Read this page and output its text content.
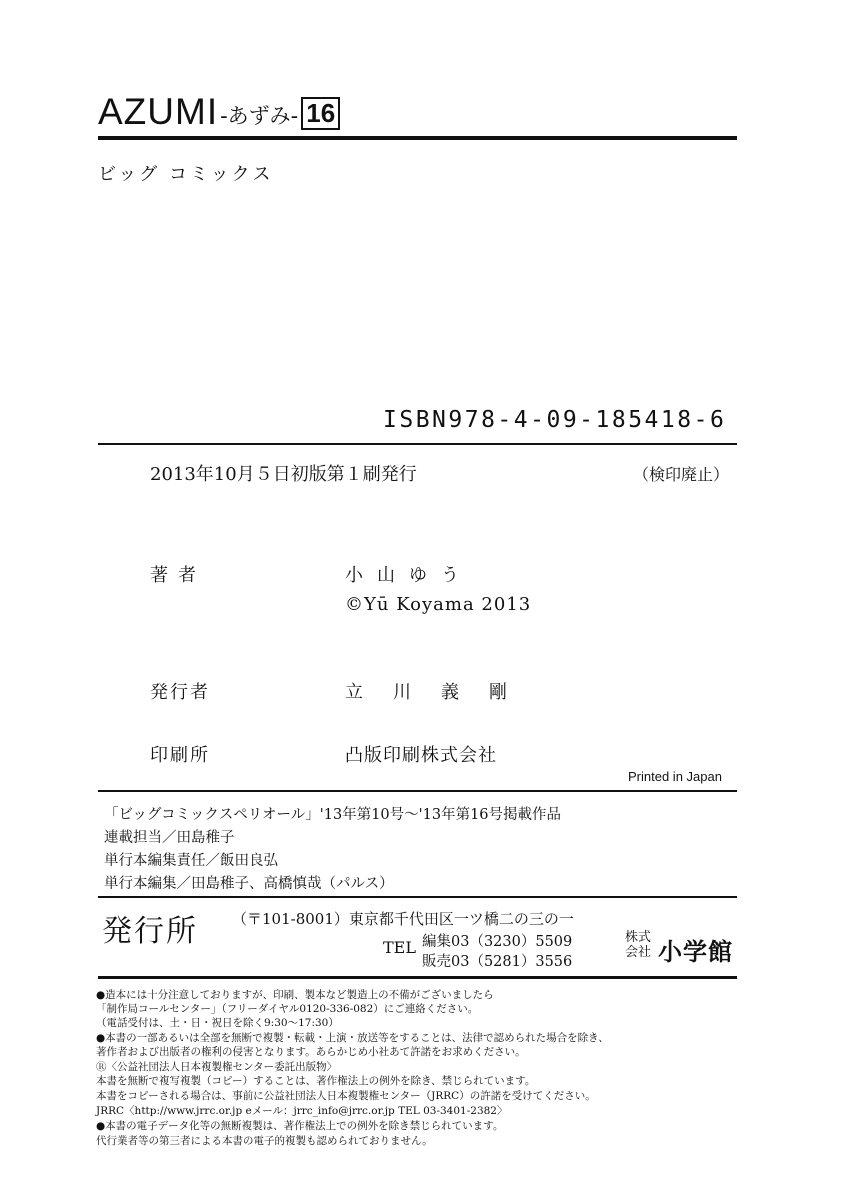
AZUMI -あずみ- 16
ビッグ コミックス
ISBN978-4-09-185418-6
2013年10月５日初版第１刷発行	（検印廃止）
著者	小山ゆう
©Yū Koyama 2013
発行者	立川義剛
印刷所	凸版印刷株式会社
Printed in Japan
「ビッグコミックスペリオール」'13年第10号〜'13年第16号掲載作品
連載担当／田島稚子
単行本編集責任／飯田良弘
単行本編集／田島稚子、高橋慎哉（パルス）
発行所 （〒101-8001）東京都千代田区一ツ橋二の三の一
TEL 編集03（3230）5509
販売03（5281）3556
株式
会社 小学館
●造本には十分注意しておりますが、印刷、製本など製造上の不備がございましたら
「制作局コールセンター」（フリーダイヤル0120-336-082）にご連絡ください。
（電話受付は、土・日・祝日を除く9:30〜17:30）
●本書の一部あるいは全部を無断で複製・転載・上演・放送等をすることは、法律で認められた場合を除き、
著作者および出版者の権利の侵害となります。あらかじめ小社あて許諾をお求めください。
Ⓡ〈公益社団法人日本複製権センター委託出版物〉
本書を無断で複写複製（コピー）することは、著作権法上の例外を除き、禁じられています。
本書をコピーされる場合は、事前に公益社団法人日本複製権センター（JRRC）の許諾を受けてください。
JRRC〈http://www.jrrc.or.jp eメール：jrrc_info@jrrc.or.jp TEL 03-3401-2382〉
●本書の電子データ化等の無断複製は、著作権法上での例外を除き禁じられています。
代行業者等の第三者による本書の電子的複製も認められておりません。
